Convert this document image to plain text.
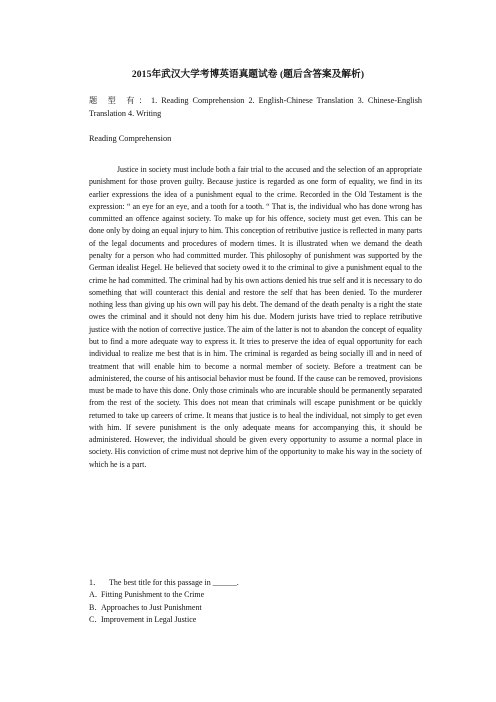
2015年武汉大学考博英语真题试卷 (题后含答案及解析)
题 型 有：1. Reading Comprehension 2. English-Chinese Translation 3. Chinese-English Translation 4. Writing
Reading Comprehension

Justice in society must include both a fair trial to the accused and the selection of an appropriate punishment for those proven guilty. Because justice is regarded as one form of equality, we find in its earlier expressions the idea of a punishment equal to the crime. Recorded in the Old Testament is the expression: “ an eye for an eye, and a tooth for a tooth. “ That is, the individual who has done wrong has committed an offence against society. To make up for his offence, society must get even. This can be done only by doing an equal injury to him. This conception of retributive justice is reflected in many parts of the legal documents and procedures of modern times. It is illustrated when we demand the death penalty for a person who had committed murder. This philosophy of punishment was supported by the German idealist Hegel. He believed that society owed it to the criminal to give a punishment equal to the crime he had committed. The criminal had by his own actions denied his true self and it is necessary to do something that will counteract this denial and restore the self that has been denied. To the murderer nothing less than giving up his own will pay his debt. The demand of the death penalty is a right the state owes the criminal and it should not deny him his due. Modern jurists have tried to replace retributive justice with the notion of corrective justice. The aim of the latter is not to abandon the concept of equality but to find a more adequate way to express it. It tries to preserve the idea of equal opportunity for each individual to realize me best that is in him. The criminal is regarded as being socially ill and in need of treatment that will enable him to become a normal member of society. Before a treatment can be administered, the course of his antisocial behavior must be found. If the cause can be removed, provisions must be made to have this done. Only those criminals who are incurable should be permanently separated from the rest of the society. This does not mean that criminals will escape punishment or be quickly returned to take up careers of crime. It means that justice is to heal the individual, not simply to get even with him. If severe punishment is the only adequate means for accompanying this, it should be administered. However, the individual should be given every opportunity to assume a normal place in society. His conviction of crime must not deprive him of the opportunity to make his way in the society of which he is a part.

1． The best title for this passage in ______.
A．Fitting Punishment to the Crime
B．Approaches to Just Punishment
C．Improvement in Legal Justice
